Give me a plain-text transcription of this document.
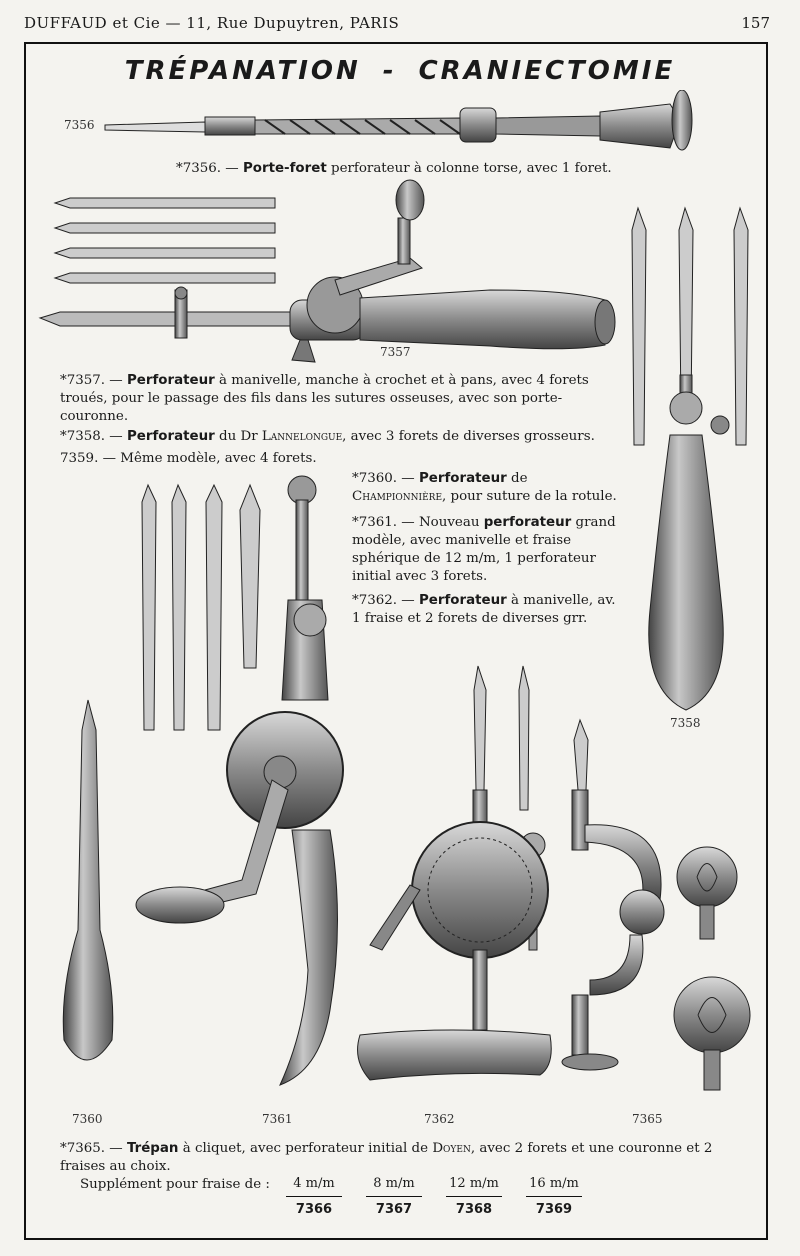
DUFFAUD et Cie — 11, Rue Dupuytren, PARIS	157
TRÉPANATION - CRANIECTOMIE
7356
7357
7358
7360	7361	7362	7365
*7356. — Porte-foret perforateur à colonne torse, avec 1 foret.
*7357. — Perforateur à manivelle, manche à crochet et à pans, avec 4 forets troués, pour le passage des fils dans les sutures osseuses, avec son porte-couronne.
*7358. — Perforateur du Dr Lannelongue, avec 3 forets de diverses grosseurs.
7359. — Même modèle, avec 4 forets.
*7360. — Perforateur de Championnière, pour suture de la rotule.
*7361. — Nouveau perforateur grand modèle, avec manivelle et fraise sphérique de 12 m/m, 1 perforateur initial avec 3 forets.
*7362. — Perforateur à manivelle, av. 1 fraise et 2 forets de diverses grr.
*7365. — Trépan à cliquet, avec perforateur initial de Doyen, avec 2 forets et une couronne et 2 fraises au choix.
Supplément pour fraise de :	4 m/m	8 m/m	12 m/m	16 m/m
7366	7367	7368	7369
